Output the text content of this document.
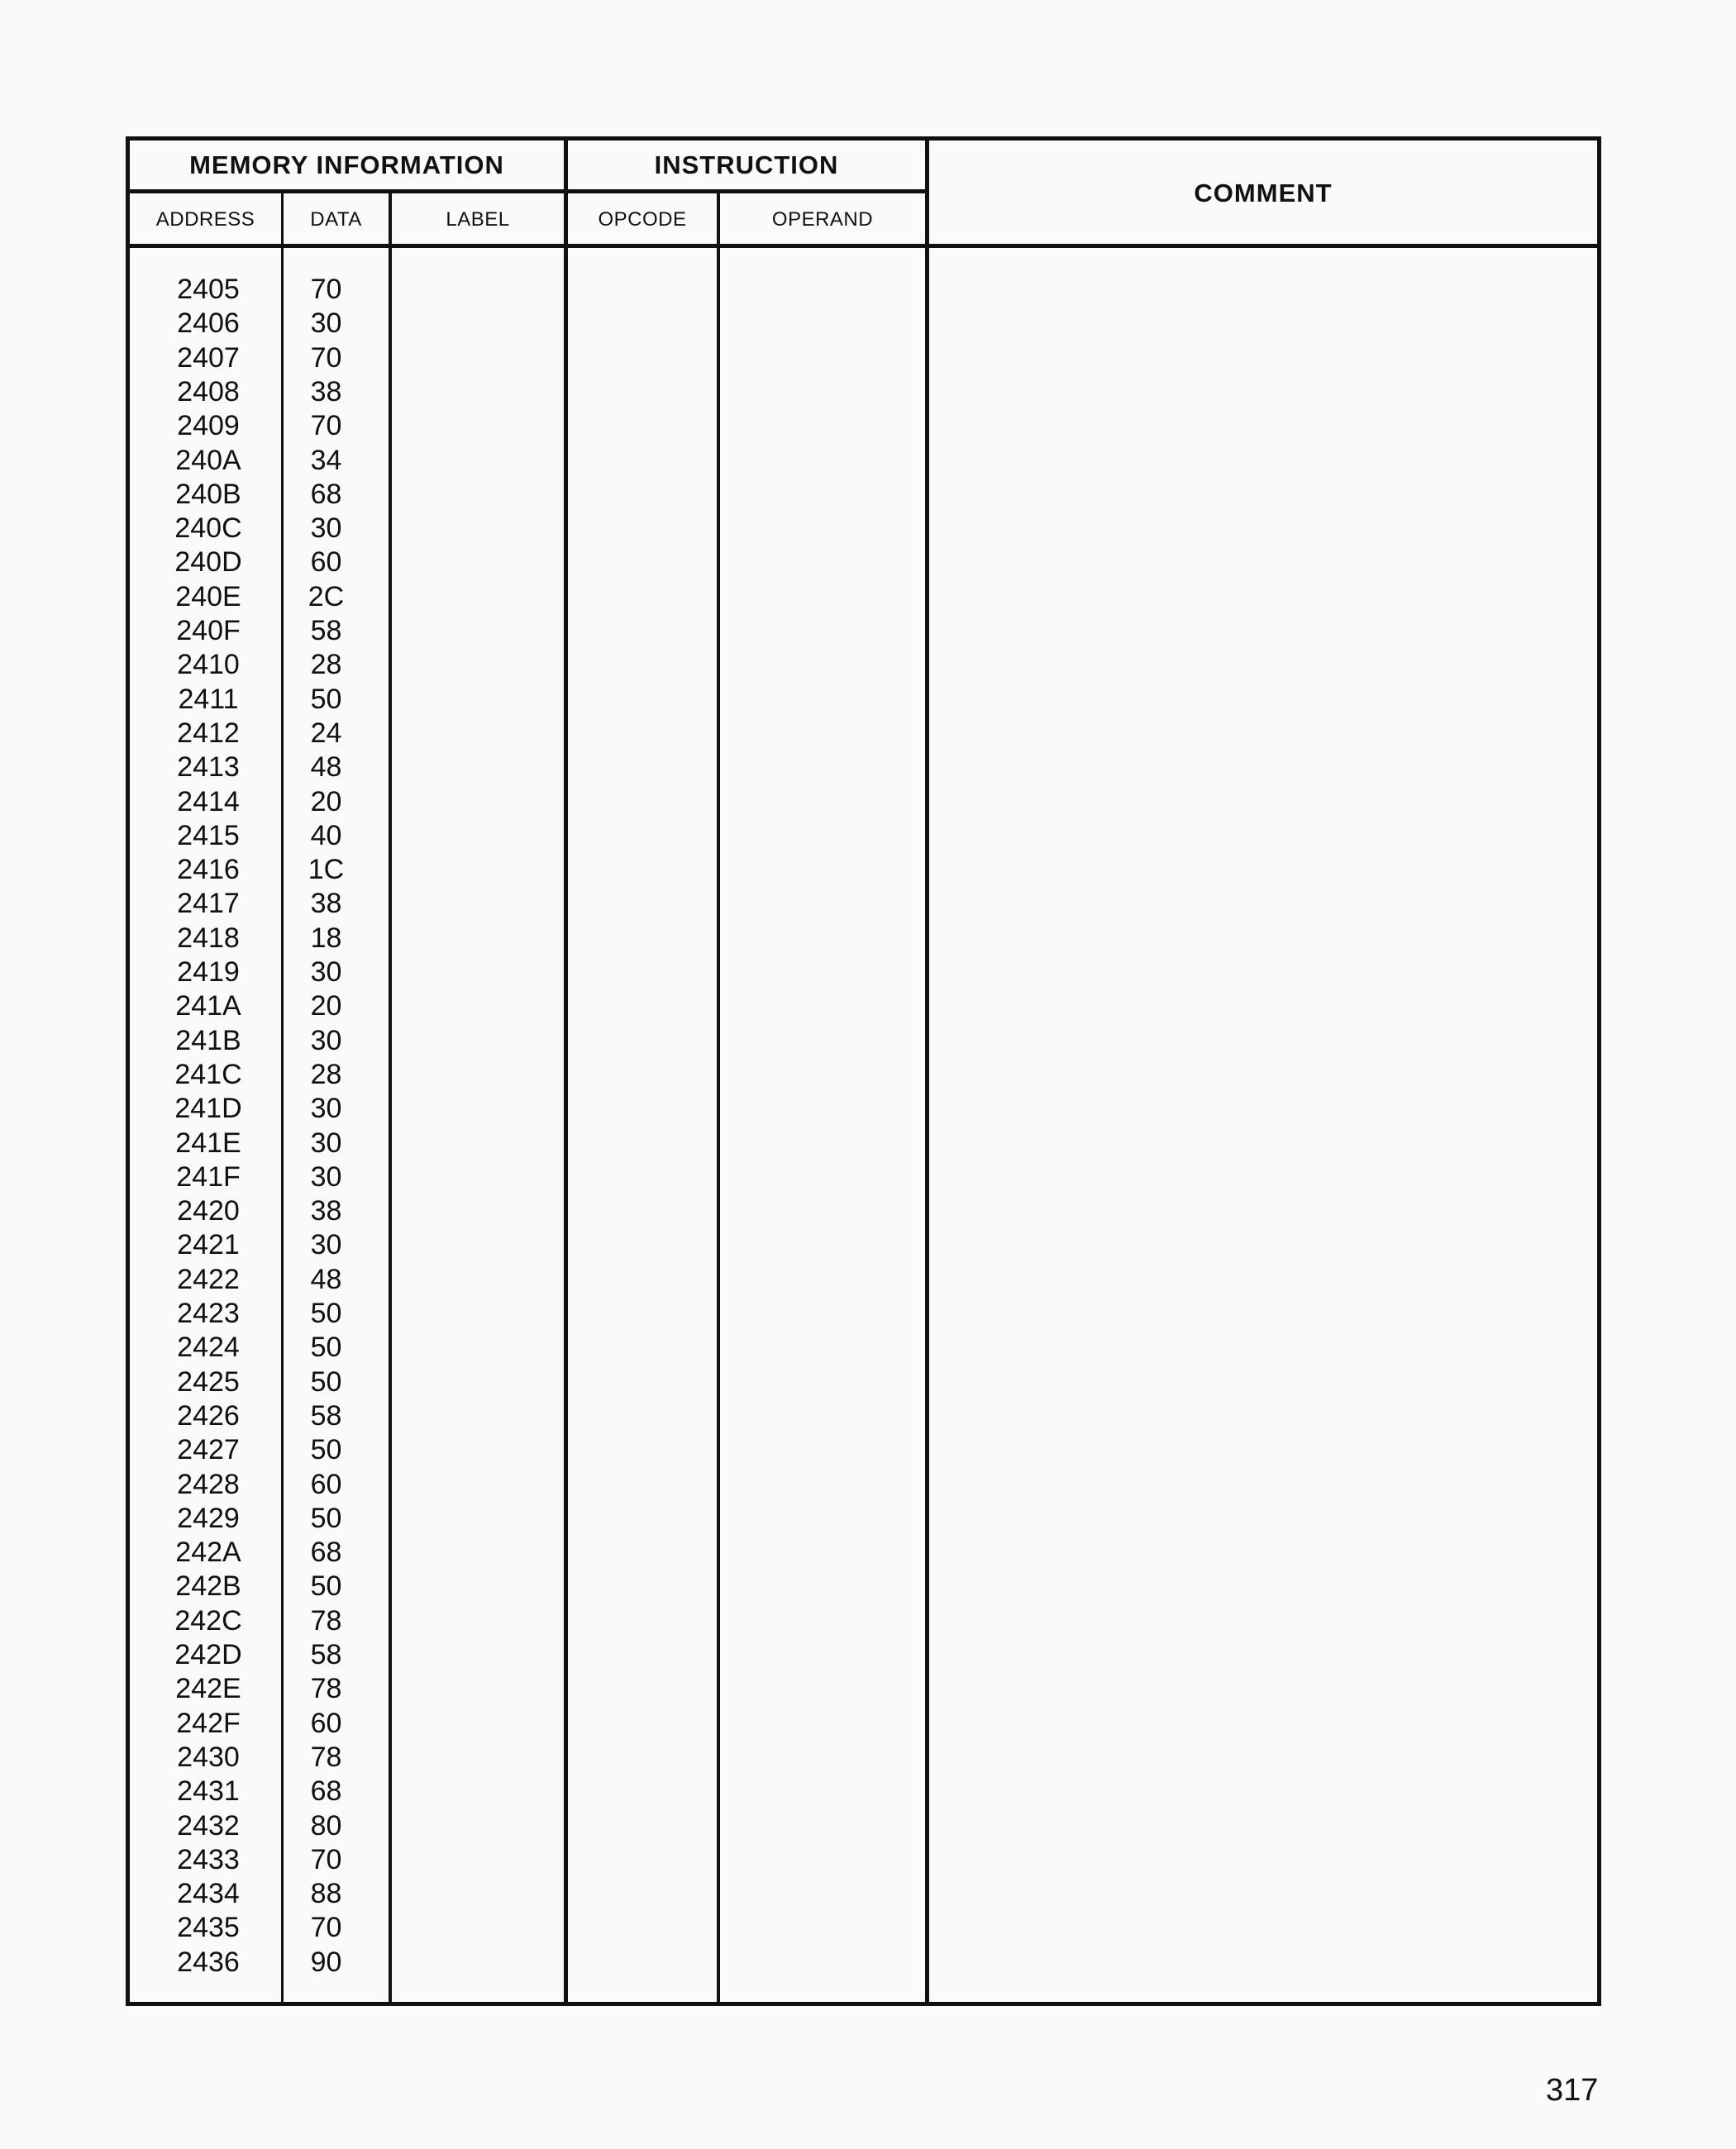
MEMORY INFORMATION	INSTRUCTION
COMMENT
ADDRESS	DATA	LABEL	OPCODE	OPERAND
2405	70
2406	30
2407	70
2408	38
2409	70
240A	34
240B	68
240C	30
240D	60
240E	2C
240F	58
2410	28
2411	50
2412	24
2413	48
2414	20
2415	40
2416	1C
2417	38
2418	18
2419	30
241A	20
241B	30
241C	28
241D	30
241E	30
241F	30
2420	38
2421	30
2422	48
2423	50
2424	50
2425	50
2426	58
2427	50
2428	60
2429	50
242A	68
242B	50
242C	78
242D	58
242E	78
242F	60
2430	78
2431	68
2432	80
2433	70
2434	88
2435	70
2436	90
317
